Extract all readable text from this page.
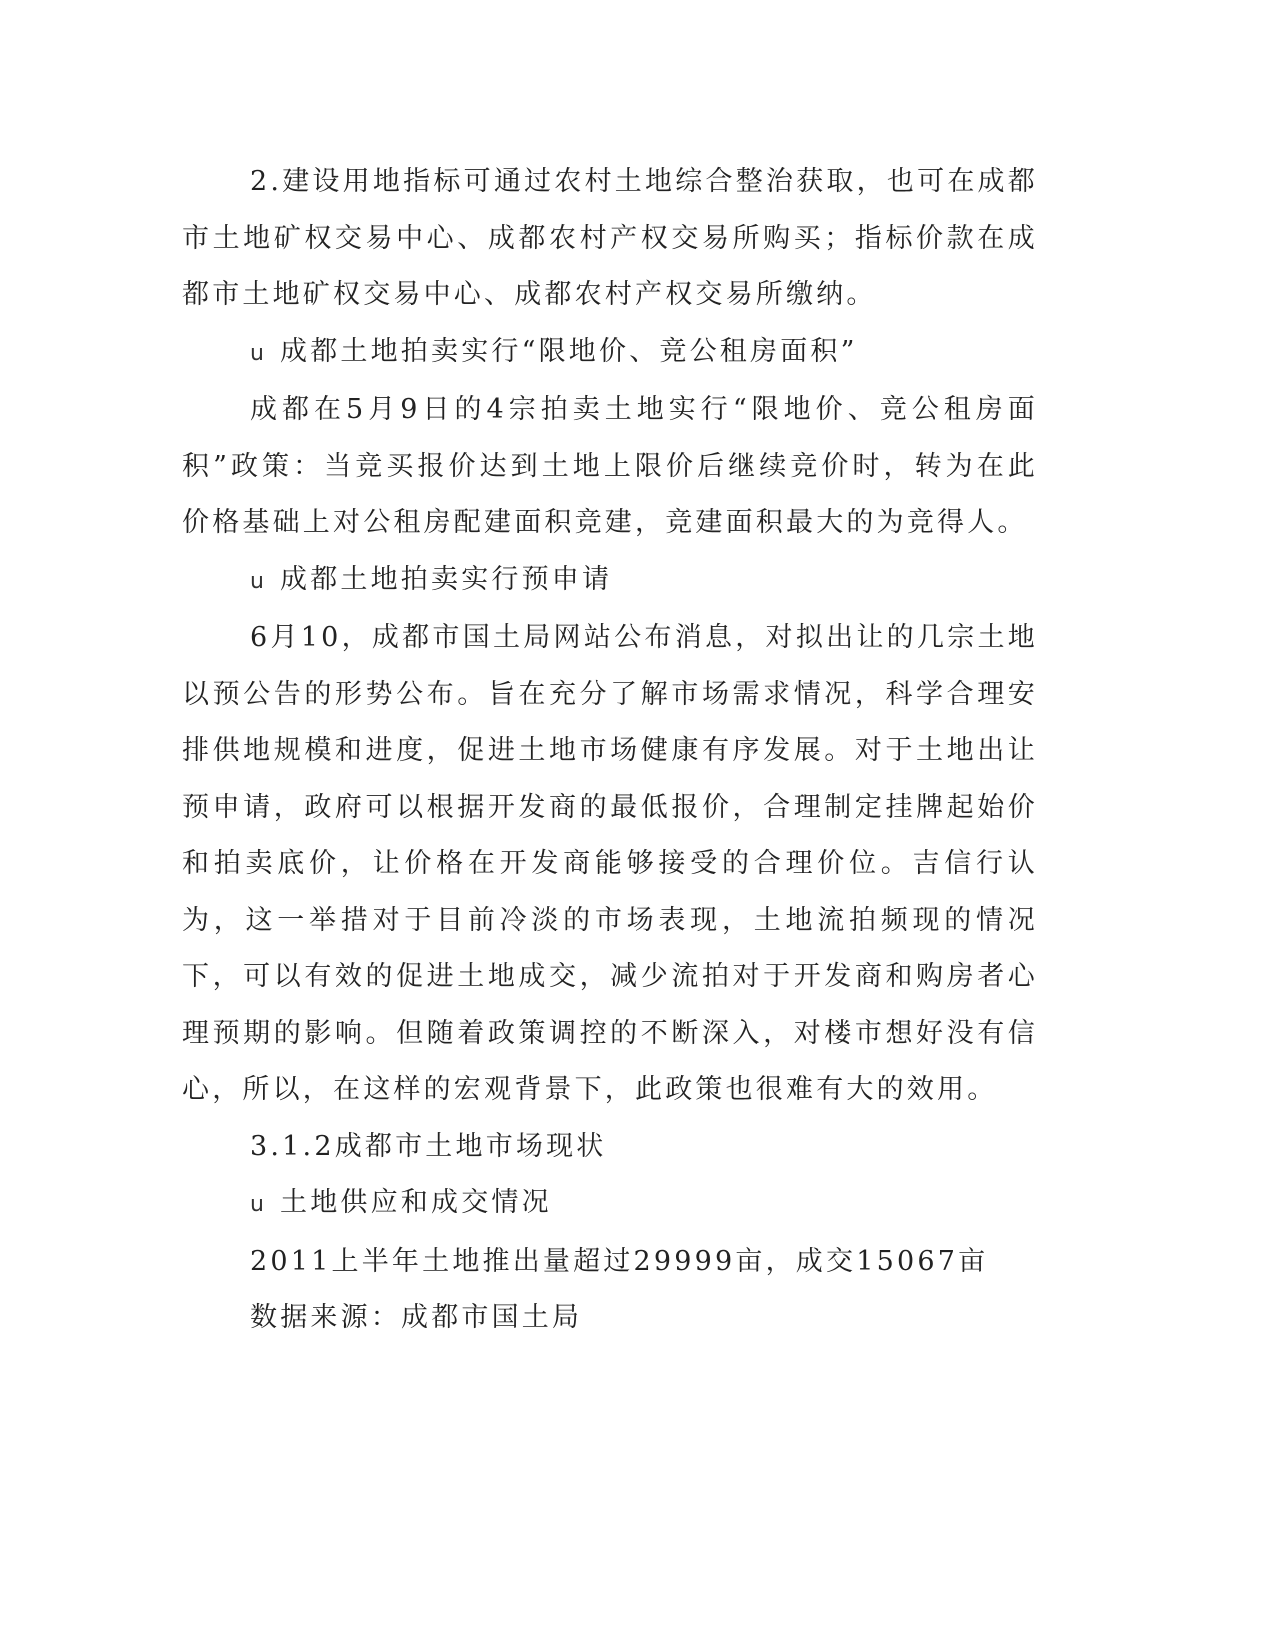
2.建设用地指标可通过农村土地综合整治获取，也可在成都市土地矿权交易中心、成都农村产权交易所购买；指标价款在成都市土地矿权交易中心、成都农村产权交易所缴纳。

u 成都土地拍卖实行“限地价、竞公租房面积”

成都在5月9日的4宗拍卖土地实行“限地价、竞公租房面积”政策：当竞买报价达到土地上限价后继续竞价时，转为在此价格基础上对公租房配建面积竞建，竞建面积最大的为竞得人。

u 成都土地拍卖实行预申请

6月10，成都市国土局网站公布消息，对拟出让的几宗土地以预公告的形势公布。旨在充分了解市场需求情况，科学合理安排供地规模和进度，促进土地市场健康有序发展。对于土地出让预申请，政府可以根据开发商的最低报价，合理制定挂牌起始价和拍卖底价，让价格在开发商能够接受的合理价位。吉信行认为，这一举措对于目前冷淡的市场表现，土地流拍频现的情况下，可以有效的促进土地成交，减少流拍对于开发商和购房者心理预期的影响。但随着政策调控的不断深入，对楼市想好没有信心，所以，在这样的宏观背景下，此政策也很难有大的效用。

3.1.2成都市土地市场现状

u 土地供应和成交情况

2011上半年土地推出量超过29999亩，成交15067亩

数据来源：成都市国土局
